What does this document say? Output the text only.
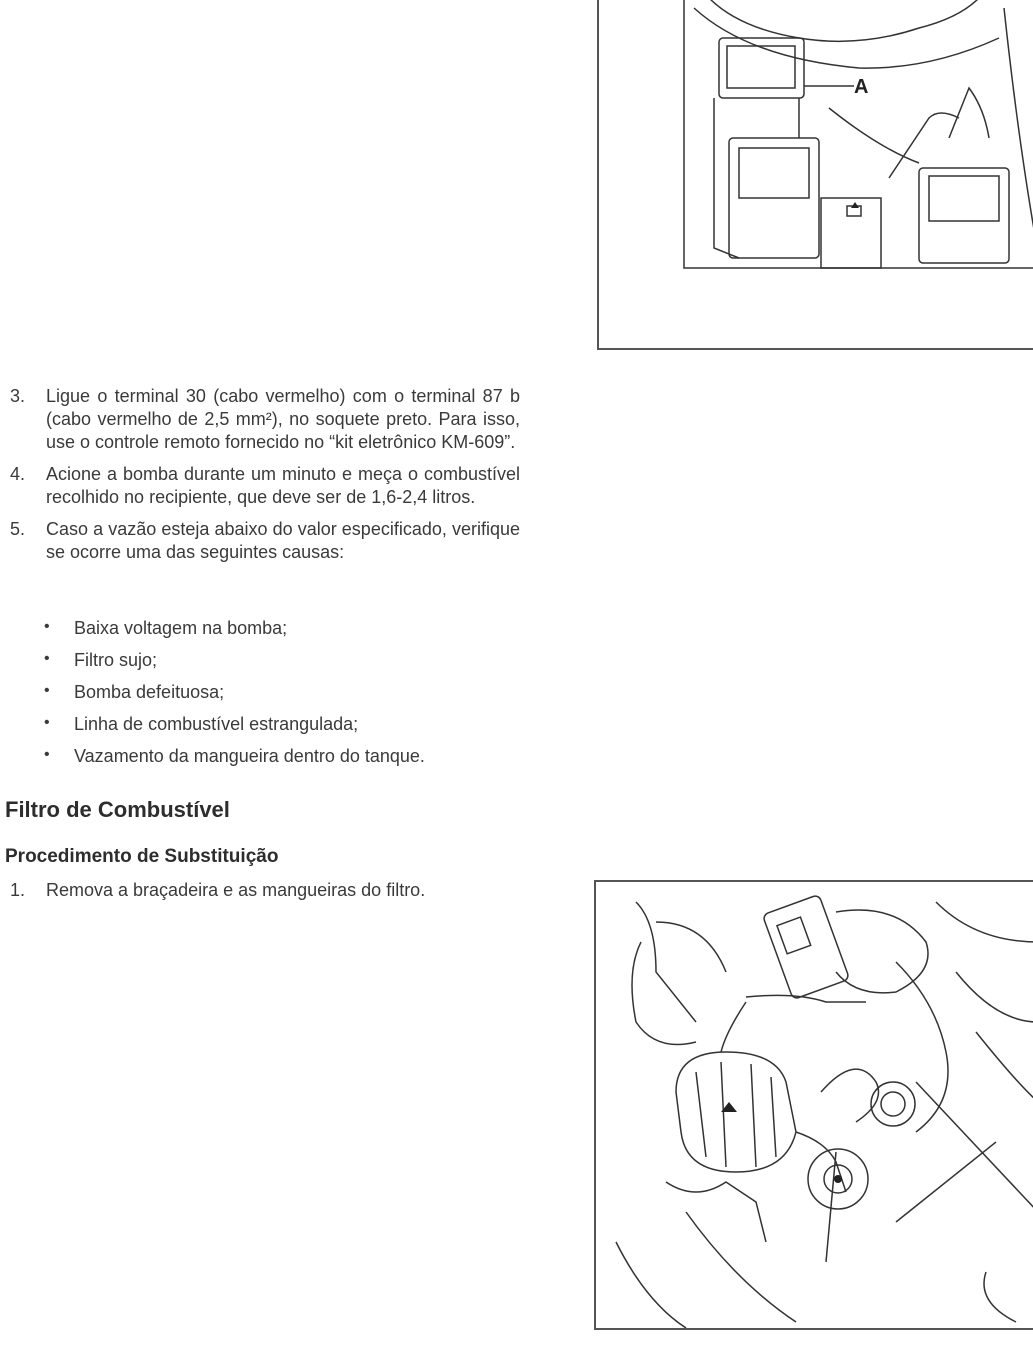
A
3.	Ligue o terminal 30 (cabo vermelho) com o terminal 87 b (cabo vermelho de 2,5 mm²), no soquete preto. Para isso, use o controle remoto fornecido no “kit eletrônico KM-609”.
4.	Acione a bomba durante um minuto e meça o combustível recolhido no recipiente, que deve ser de 1,6-2,4 litros.
5.	Caso a vazão esteja abaixo do valor especificado, verifique se ocorre uma das seguintes causas:
•	Baixa voltagem na bomba;
•	Filtro sujo;
•	Bomba defeituosa;
•	Linha de combustível estrangulada;
•	Vazamento da mangueira dentro do tanque.
Filtro de Combustível
Procedimento de Substituição
1.	Remova a braçadeira e as mangueiras do filtro.
